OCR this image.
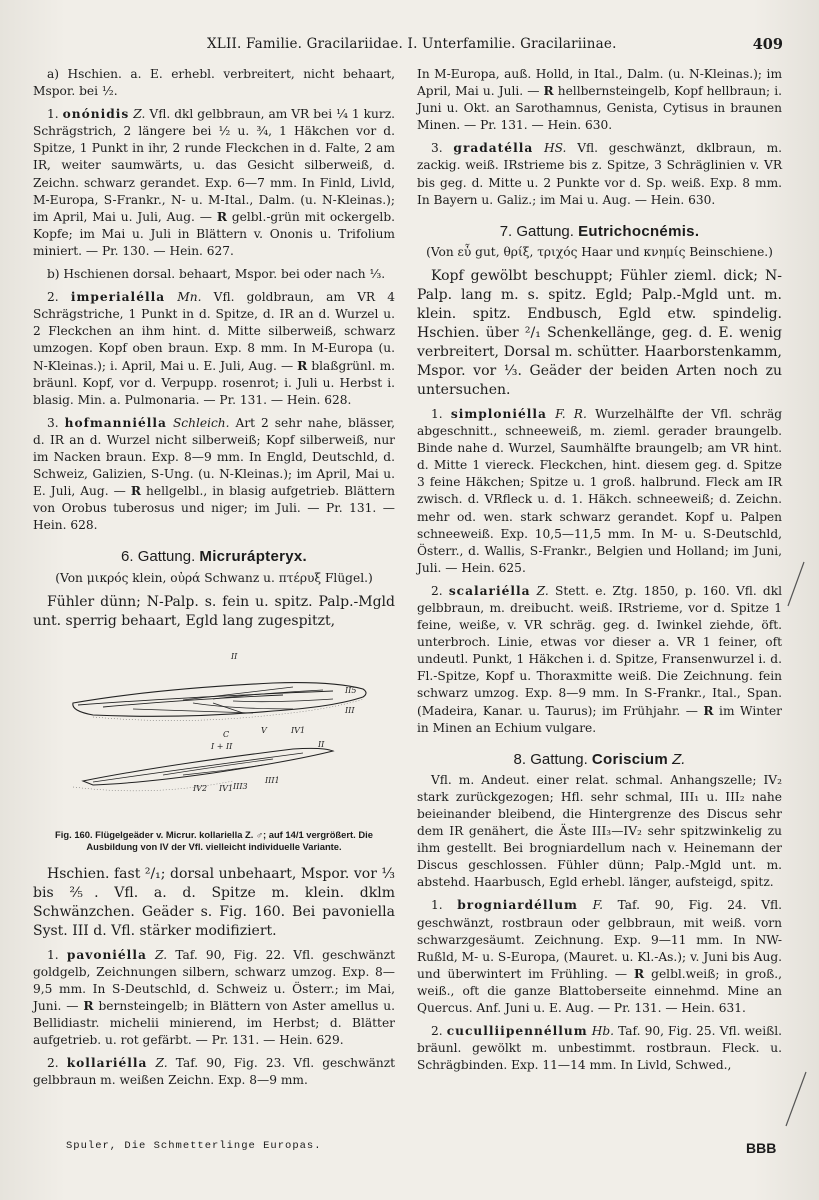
XLII. Familie. Gracilariidae. I. Unterfamilie. Gracilariinae.	409

a) Hschien. a. E. erhebl. verbreitert, nicht behaart, Mspor. bei ½.

1. onónidis Z. Vfl. dkl gelbbraun, am VR bei ¼ 1 kurz. Schrägstrich, 2 längere bei ½ u. ¾, 1 Häkchen vor d. Spitze, 1 Punkt in ihr, 2 runde Fleckchen in d. Falte, 2 am IR, weiter saumwärts, u. das Gesicht silberweiß, d. Zeichn. schwarz gerandet. Exp. 6—7 mm. In Finld, Livld, M-Europa, S-Frankr., N- u. M-Ital., Dalm. (u. N-Kleinas.); im April, Mai u. Juli, Aug. — R gelbl.-grün mit ockergelb. Kopfe; im Mai u. Juli in Blättern v. Ononis u. Trifolium miniert. — Pr. 130. — Hein. 627.

b) Hschienen dorsal. behaart, Mspor. bei oder nach ⅓.

2. imperialélla Mn. Vfl. goldbraun, am VR 4 Schrägstriche, 1 Punkt in d. Spitze, d. IR an d. Wurzel u. 2 Fleckchen an ihm hint. d. Mitte silberweiß, schwarz umzogen. Kopf oben braun. Exp. 8 mm. In M-Europa (u. N-Kleinas.); i. April, Mai u. E. Juli, Aug. — R blaßgrünl. m. bräunl. Kopf, vor d. Verpupp. rosenrot; i. Juli u. Herbst i. blasig. Min. a. Pulmonaria. — Pr. 131. — Hein. 628.

3. hofmanniélla Schleich. Art 2 sehr nahe, blässer, d. IR an d. Wurzel nicht silberweiß; Kopf silberweiß, nur im Nacken braun. Exp. 8—9 mm. In Engld, Deutschld, d. Schweiz, Galizien, S-Ung. (u. N-Kleinas.); im April, Mai u. E. Juli, Aug. — R hellgelbl., in blasig aufgetrieb. Blättern von Orobus tuberosus und niger; im Juli. — Pr. 131. — Hein. 628.

6. Gattung. Micrurápteryx.
(Von μικρός klein, οὐρά Schwanz u. πτέρυξ Flügel.)

Fühler dünn; N-Palp. s. fein u. spitz. Palp.-Mgld unt. sperrig behaart, Egld lang zugespitzt,

II
II5
III
C	V	IV1
I + II	II
IV2 IV1 III3
III1
Fig. 160. Flügelgeäder v. Micrur. kollariella Z. ♂; auf 14/1 vergrößert. Die Ausbildung von IV der Vfl. vielleicht individuelle Variante.

Hschien. fast ²/₁; dorsal unbehaart, Mspor. vor ⅓ bis ⅖. Vfl. a. d. Spitze m. klein. dklm Schwänzchen. Geäder s. Fig. 160. Bei pavoniella Syst. III d. Vfl. stärker modifiziert.

1. pavoniélla Z. Taf. 90, Fig. 22. Vfl. geschwänzt goldgelb, Zeichnungen silbern, schwarz umzog. Exp. 8—9,5 mm. In S-Deutschld, d. Schweiz u. Österr.; im Mai, Juni. — R bernsteingelb; in Blättern von Aster amellus u. Bellidiastr. michelii minierend, im Herbst; d. Blätter aufgetrieb. u. rot gefärbt. — Pr. 131. — Hein. 629.

2. kollariélla Z. Taf. 90, Fig. 23. Vfl. geschwänzt gelbbraun m. weißen Zeichn. Exp. 8—9 mm.

In M-Europa, auß. Holld, in Ital., Dalm. (u. N-Kleinas.); im April, Mai u. Juli. — R hellbernsteingelb, Kopf hellbraun; i. Juni u. Okt. an Sarothamnus, Genista, Cytisus in braunen Minen. — Pr. 131. — Hein. 630.

3. gradatélla HS. Vfl. geschwänzt, dklbraun, m. zackig. weiß. IRstrieme bis z. Spitze, 3 Schräglinien v. VR bis geg. d. Mitte u. 2 Punkte vor d. Sp. weiß. Exp. 8 mm. In Bayern u. Galiz.; im Mai u. Aug. — Hein. 630.

7. Gattung. Eutrichocnémis.
(Von εὖ gut, θρίξ, τριχός Haar und κνημίς Beinschiene.)

Kopf gewölbt beschuppt; Fühler zieml. dick; N-Palp. lang m. s. spitz. Egld; Palp.-Mgld unt. m. klein. spitz. Endbusch, Egld etw. spindelig. Hschien. über ²/₁ Schenkellänge, geg. d. E. wenig verbreitert, Dorsal m. schütter. Haarborstenkamm, Mspor. vor ⅓. Geäder der beiden Arten noch zu untersuchen.

1. simploniélla F. R. Wurzelhälfte der Vfl. schräg abgeschnitt., schneeweiß, m. zieml. gerader braungelb. Binde nahe d. Wurzel, Saumhälfte braungelb; am VR hint. d. Mitte 1 viereck. Fleckchen, hint. diesem geg. d. Spitze 3 feine Häkchen; Spitze u. 1 groß. halbrund. Fleck am IR zwisch. d. VRfleck u. d. 1. Häkch. schneeweiß; d. Zeichn. mehr od. wen. stark schwarz gerandet. Kopf u. Palpen schneeweiß. Exp. 10,5—11,5 mm. In M- u. S-Deutschld, Österr., d. Wallis, S-Frankr., Belgien und Holland; im Juni, Juli. — Hein. 625.

2. scalariélla Z. Stett. e. Ztg. 1850, p. 160. Vfl. dkl gelbbraun, m. dreibucht. weiß. IRstrieme, vor d. Spitze 1 feine, weiße, v. VR schräg. geg. d. Iwinkel ziehde, öft. unterbroch. Linie, etwas vor dieser a. VR 1 feiner, oft undeutl. Punkt, 1 Häkchen i. d. Spitze, Fransenwurzel i. d. Fl.-Spitze, Kopf u. Thoraxmitte weiß. Die Zeichnung. fein schwarz umzog. Exp. 8—9 mm. In S-Frankr., Ital., Span. (Madeira, Kanar. u. Taurus); im Frühjahr. — R im Winter in Minen an Echium vulgare.

8. Gattung. Coriscium Z.

Vfl. m. Andeut. einer relat. schmal. Anhangszelle; IV₂ stark zurückgezogen; Hfl. sehr schmal, III₁ u. III₂ nahe beieinander bleibend, die Hintergrenze des Discus sehr dem IR genähert, die Äste III₃—IV₂ sehr spitzwinkelig zu ihm gestellt. Bei brogniardellum nach v. Heinemann der Discus geschlossen. Fühler dünn; Palp.-Mgld unt. m. abstehd. Haarbusch, Egld erhebl. länger, aufsteigd, spitz.

1. brogniardéllum F. Taf. 90, Fig. 24. Vfl. geschwänzt, rostbraun oder gelbbraun, mit weiß. vorn schwarzgesäumt. Zeichnung. Exp. 9—11 mm. In NW-Rußld, M- u. S-Europa, (Mauret. u. Kl.-As.); v. Juni bis Aug. und überwintert im Frühling. — R gelbl.weiß; in groß., weiß., oft die ganze Blattoberseite einnehmd. Mine an Quercus. Anf. Juni u. E. Aug. — Pr. 131. — Hein. 631.

2. cuculliipennéllum Hb. Taf. 90, Fig. 25. Vfl. weißl. bräunl. gewölkt m. unbestimmt. rostbraun. Fleck. u. Schrägbinden. Exp. 11—14 mm. In Livld, Schwed.,

Spuler, Die Schmetterlinge Europas.	BBB
